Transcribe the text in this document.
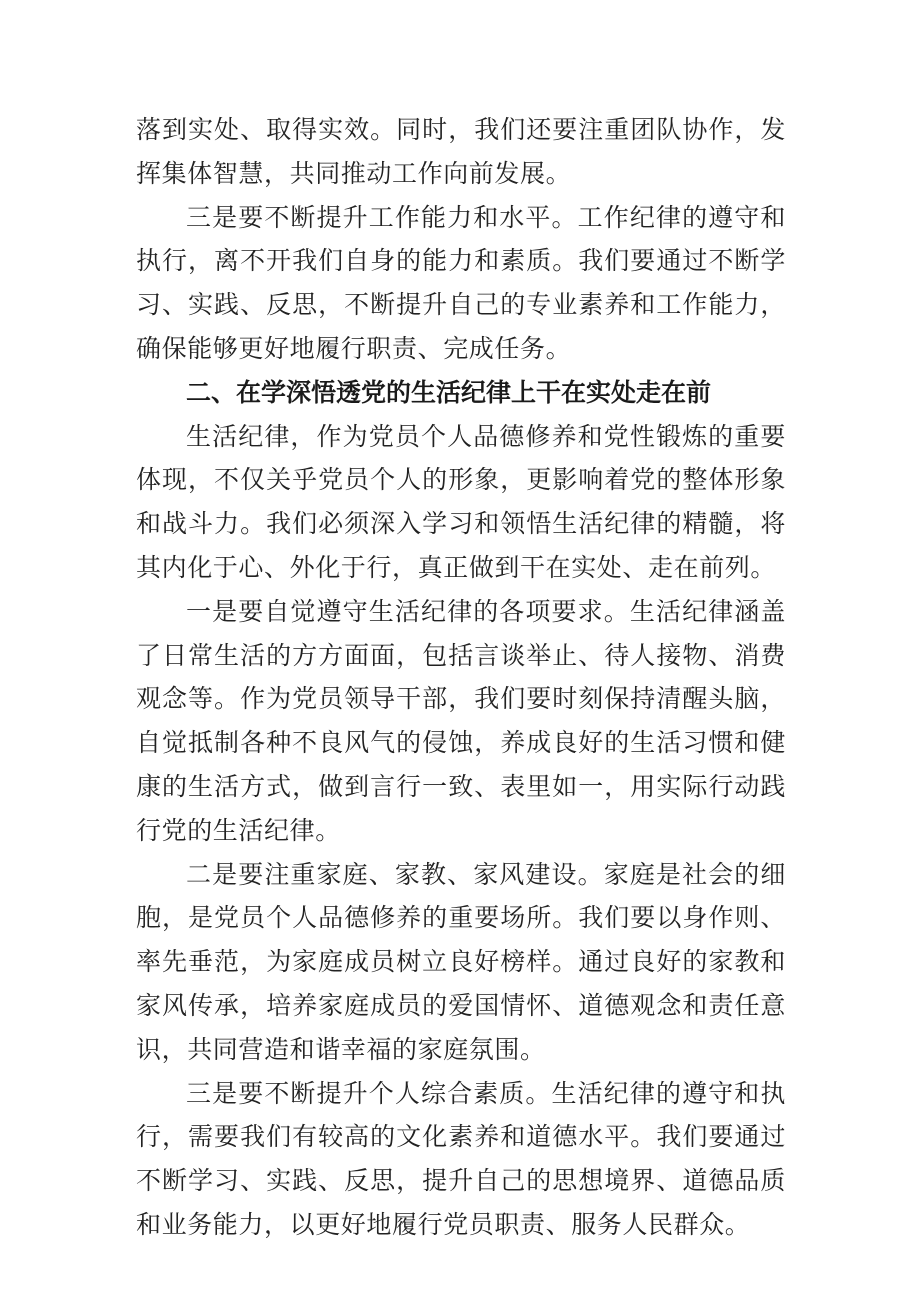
落到实处、取得实效。同时，我们还要注重团队协作，发挥集体智慧，共同推动工作向前发展。

三是要不断提升工作能力和水平。工作纪律的遵守和执行，离不开我们自身的能力和素质。我们要通过不断学习、实践、反思，不断提升自己的专业素养和工作能力，确保能够更好地履行职责、完成任务。

二、在学深悟透党的生活纪律上干在实处走在前

生活纪律，作为党员个人品德修养和党性锻炼的重要体现，不仅关乎党员个人的形象，更影响着党的整体形象和战斗力。我们必须深入学习和领悟生活纪律的精髓，将其内化于心、外化于行，真正做到干在实处、走在前列。

一是要自觉遵守生活纪律的各项要求。生活纪律涵盖了日常生活的方方面面，包括言谈举止、待人接物、消费观念等。作为党员领导干部，我们要时刻保持清醒头脑，自觉抵制各种不良风气的侵蚀，养成良好的生活习惯和健康的生活方式，做到言行一致、表里如一，用实际行动践行党的生活纪律。

二是要注重家庭、家教、家风建设。家庭是社会的细胞，是党员个人品德修养的重要场所。我们要以身作则、率先垂范，为家庭成员树立良好榜样。通过良好的家教和家风传承，培养家庭成员的爱国情怀、道德观念和责任意识，共同营造和谐幸福的家庭氛围。

三是要不断提升个人综合素质。生活纪律的遵守和执行，需要我们有较高的文化素养和道德水平。我们要通过不断学习、实践、反思，提升自己的思想境界、道德品质和业务能力，以更好地履行党员职责、服务人民群众。
